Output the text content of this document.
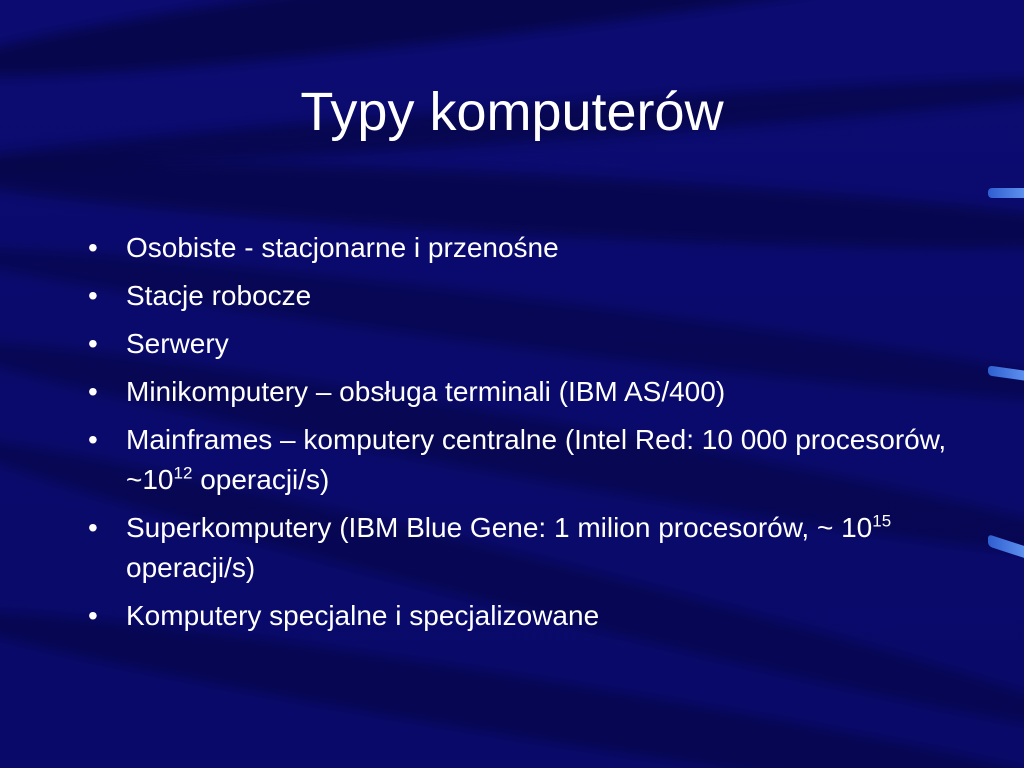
Typy komputerów
• Osobiste - stacjonarne i przenośne
• Stacje robocze
• Serwery
• Minikomputery – obsługa terminali (IBM AS/400)
• Mainframes – komputery centralne (Intel Red: 10 000 procesorów, $\sim 10^{12}$ operacji/s)
• Superkomputery (IBM Blue Gene: 1 milion procesorów, ~ $10^{15}$ operacji/s)
• Komputery specjalne i specjalizowane
